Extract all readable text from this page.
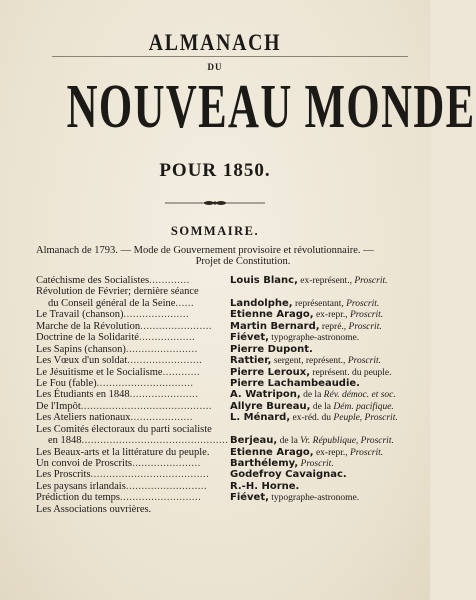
ALMANACH
DU
NOUVEAU MONDE
POUR 1850.
SOMMAIRE.
Almanach de 1793. — Mode de Gouvernement provisoire et révolutionnaire. —
Projet de Constitution.
Catéchisme des Socialistes.............	Louis Blanc, ex-représent., Proscrit.
Révolution de Février; dernière séance
du Conseil général de la Seine......	Landolphe, représentant, Proscrit.
Le Travail (chanson).....................	Etienne Arago, ex-repr., Proscrit.
Marche de la Révolution.......................	Martin Bernard, repré., Proscrit.
Doctrine de la Solidarité..................	Fiévet, typographe-astronome.
Les Sapins (chanson).......................	Pierre Dupont.
Les Vœux d'un soldat........................	Rattier, sergent, représent., Proscrit.
Le Jésuitisme et le Socialisme............	Pierre Leroux, représent. du peuple.
Le Fou (fable)...............................	Pierre Lachambeaudie.
Les Étudiants en 1848......................	A. Watripon, de la Rév. démoc. et soc.
De l'Impôt..........................................	Allyre Bureau, de la Dém. pacifique.
Les Ateliers nationaux....................	L. Ménard, ex-réd. du Peuple, Proscrit.
Les Comités électoraux du parti socialiste
en 1848............................................... Berjeau, de la Vr. République, Proscrit.
Les Beaux-arts et la littérature du peuple.	Etienne Arago, ex-repr., Proscrit.
Un convoi de Proscrits......................	Barthélemy, Proscrit.
Les Proscrits......................................	Godefroy Cavaignac.
Les paysans irlandais..........................	R.-H. Horne.
Prédiction du temps..........................	Fiévet, typographe-astronome.
Les Associations ouvrières.
